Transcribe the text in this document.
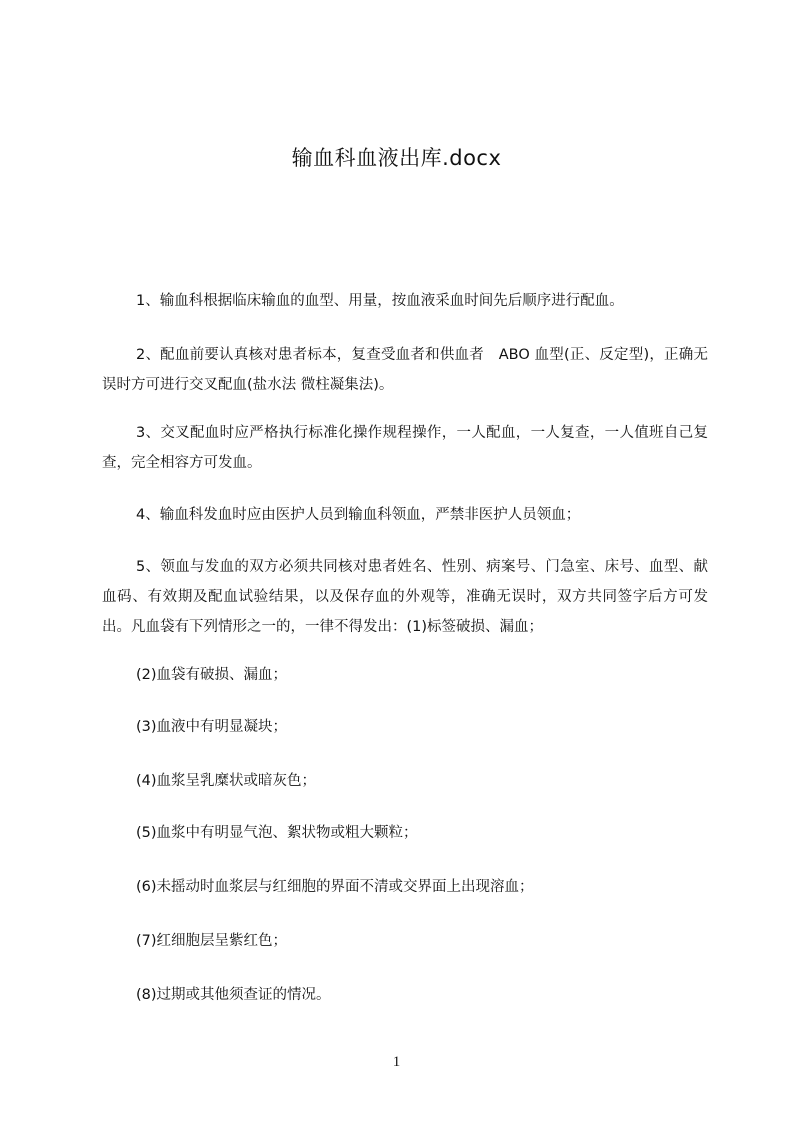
输血科血液出库.docx

1、输血科根据临床输血的血型、用量，按血液采血时间先后顺序进行配血。

2、配血前要认真核对患者标本，复查受血者和供血者　ABO 血型(正、反定型)，正确无误时方可进行交叉配血(盐水法 微柱凝集法)。

3、交叉配血时应严格执行标准化操作规程操作，一人配血，一人复查，一人值班自己复查，完全相容方可发血。

4、输血科发血时应由医护人员到输血科领血，严禁非医护人员领血；

5、领血与发血的双方必须共同核对患者姓名、性别、病案号、门急室、床号、血型、献血码、有效期及配血试验结果，以及保存血的外观等，准确无误时，双方共同签字后方可发出。凡血袋有下列情形之一的，一律不得发出：(1)标签破损、漏血；

(2)血袋有破损、漏血；

(3)血液中有明显凝块；

(4)血浆呈乳糜状或暗灰色；

(5)血浆中有明显气泡、絮状物或粗大颗粒；

(6)未摇动时血浆层与红细胞的界面不清或交界面上出现溶血；

(7)红细胞层呈紫红色；

(8)过期或其他须查证的情况。

1
